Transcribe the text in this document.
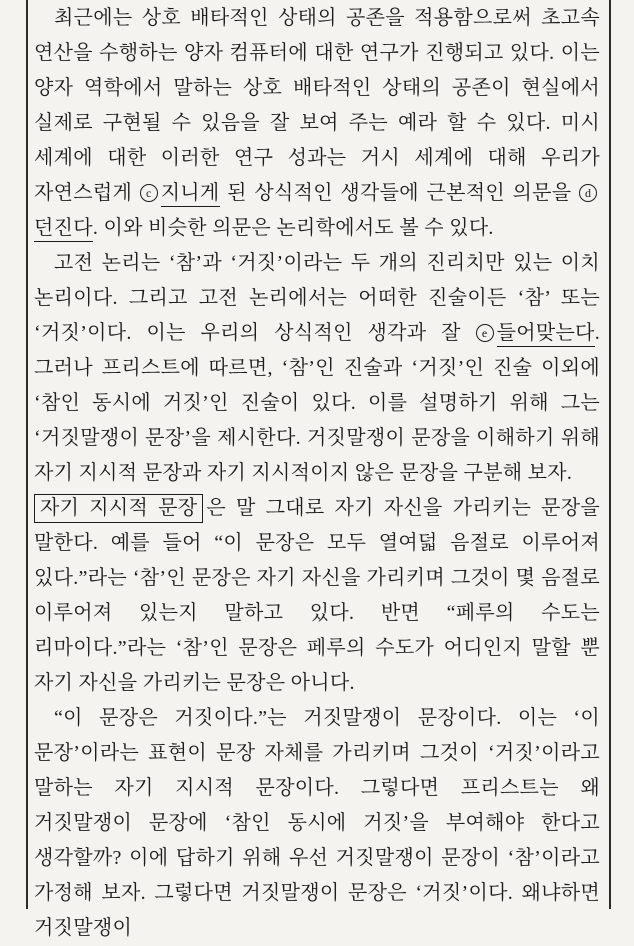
최근에는 상호 배타적인 상태의 공존을 적용함으로써 초고속 연산을 수행하는 양자 컴퓨터에 대한 연구가 진행되고 있다. 이는 양자 역학에서 말하는 상호 배타적인 상태의 공존이 현실에서 실제로 구현될 수 있음을 잘 보여 주는 예라 할 수 있다. 미시 세계에 대한 이러한 연구 성과는 거시 세계에 대해 우리가 자연스럽게 c 지니게 된 상식적인 생각들에 근본적인 의문을 d던진다. 이와 비슷한 의문은 논리학에서도 볼 수 있다.

고전 논리는 ‘참’과 ‘거짓’이라는 두 개의 진리치만 있는 이치 논리이다. 그리고 고전 논리에서는 어떠한 진술이든 ‘참’ 또는 ‘거짓’이다. 이는 우리의 상식적인 생각과 잘 e 들어맞는다. 그러나 프리스트에 따르면, ‘참’인 진술과 ‘거짓’인 진술 이외에 ‘참인 동시에 거짓’인 진술이 있다. 이를 설명하기 위해 그는 ‘거짓말쟁이 문장’을 제시한다. 거짓말쟁이 문장을 이해하기 위해 자기 지시적 문장과 자기 지시적이지 않은 문장을 구분해 보자.

자기 지시적 문장 은 말 그대로 자기 자신을 가리키는 문장을 말한다. 예를 들어 “이 문장은 모두 열여덟 음절로 이루어져 있다.”라는 ‘참’인 문장은 자기 자신을 가리키며 그것이 몇 음절로 이루어져 있는지 말하고 있다. 반면 “페루의 수도는 리마이다.”라는 ‘참’인 문장은 페루의 수도가 어디인지 말할 뿐 자기 자신을 가리키는 문장은 아니다.

“이 문장은 거짓이다.”는 거짓말쟁이 문장이다. 이는 ‘이 문장’이라는 표현이 문장 자체를 가리키며 그것이 ‘거짓’이라고 말하는 자기 지시적 문장이다. 그렇다면 프리스트는 왜 거짓말쟁이 문장에 ‘참인 동시에 거짓’을 부여해야 한다고 생각할까? 이에 답하기 위해 우선 거짓말쟁이 문장이 ‘참’이라고 가정해 보자. 그렇다면 거짓말쟁이 문장은 ‘거짓’이다. 왜냐하면 거짓말쟁이
